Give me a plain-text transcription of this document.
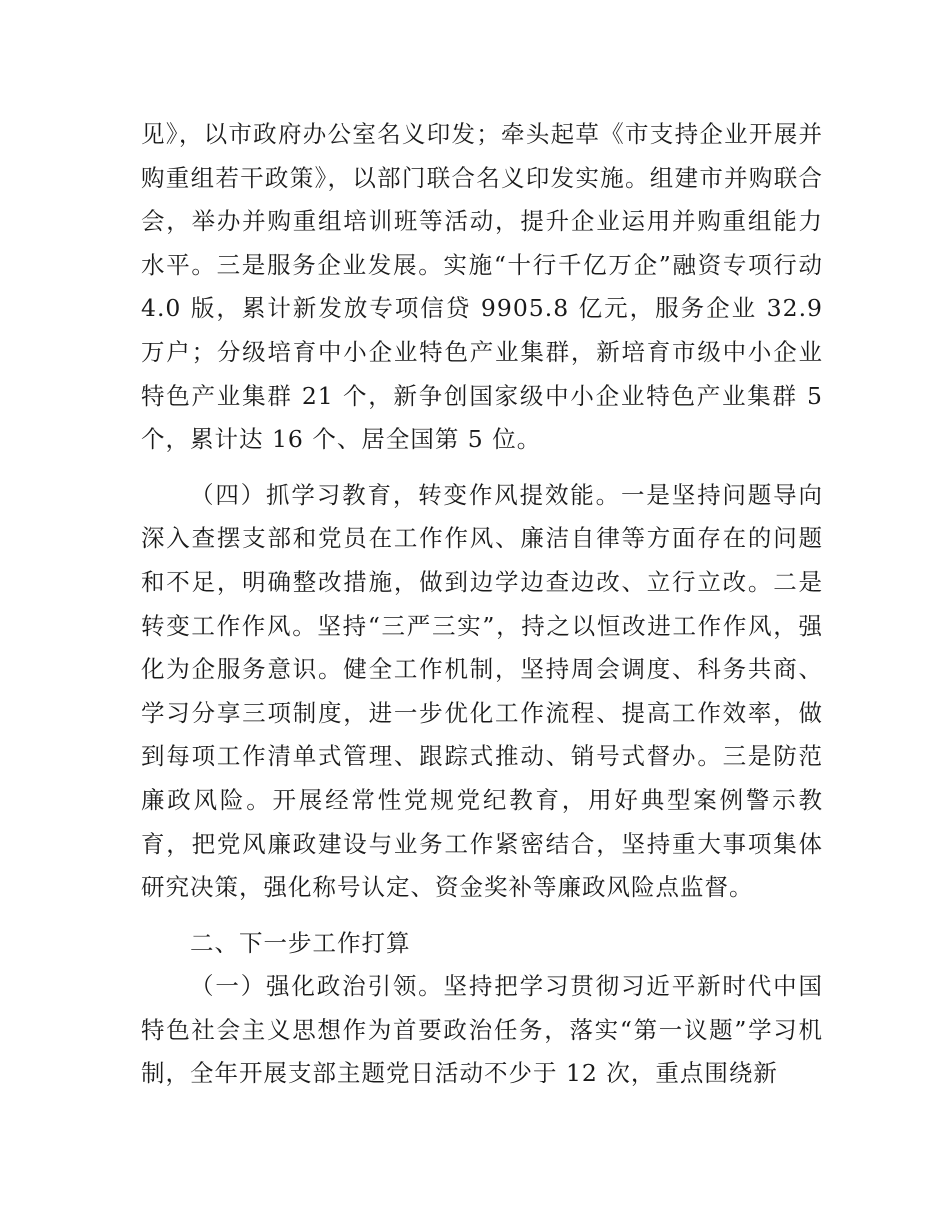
见》，以市政府办公室名义印发；牵头起草《市支持企业开展并购重组若干政策》，以部门联合名义印发实施。组建市并购联合会，举办并购重组培训班等活动，提升企业运用并购重组能力水平。三是服务企业发展。实施“十行千亿万企”融资专项行动 4.0 版，累计新发放专项信贷 9905.8 亿元，服务企业 32.9 万户；分级培育中小企业特色产业集群，新培育市级中小企业特色产业集群 21 个，新争创国家级中小企业特色产业集群 5 个，累计达 16 个、居全国第 5 位。

（四）抓学习教育，转变作风提效能。一是坚持问题导向深入查摆支部和党员在工作作风、廉洁自律等方面存在的问题和不足，明确整改措施，做到边学边查边改、立行立改。二是转变工作作风。坚持“三严三实”，持之以恒改进工作作风，强化为企服务意识。健全工作机制，坚持周会调度、科务共商、学习分享三项制度，进一步优化工作流程、提高工作效率，做到每项工作清单式管理、跟踪式推动、销号式督办。三是防范廉政风险。开展经常性党规党纪教育，用好典型案例警示教育，把党风廉政建设与业务工作紧密结合，坚持重大事项集体研究决策，强化称号认定、资金奖补等廉政风险点监督。

二、下一步工作打算

（一）强化政治引领。坚持把学习贯彻习近平新时代中国特色社会主义思想作为首要政治任务，落实“第一议题”学习机制，全年开展支部主题党日活动不少于 12 次，重点围绕新
